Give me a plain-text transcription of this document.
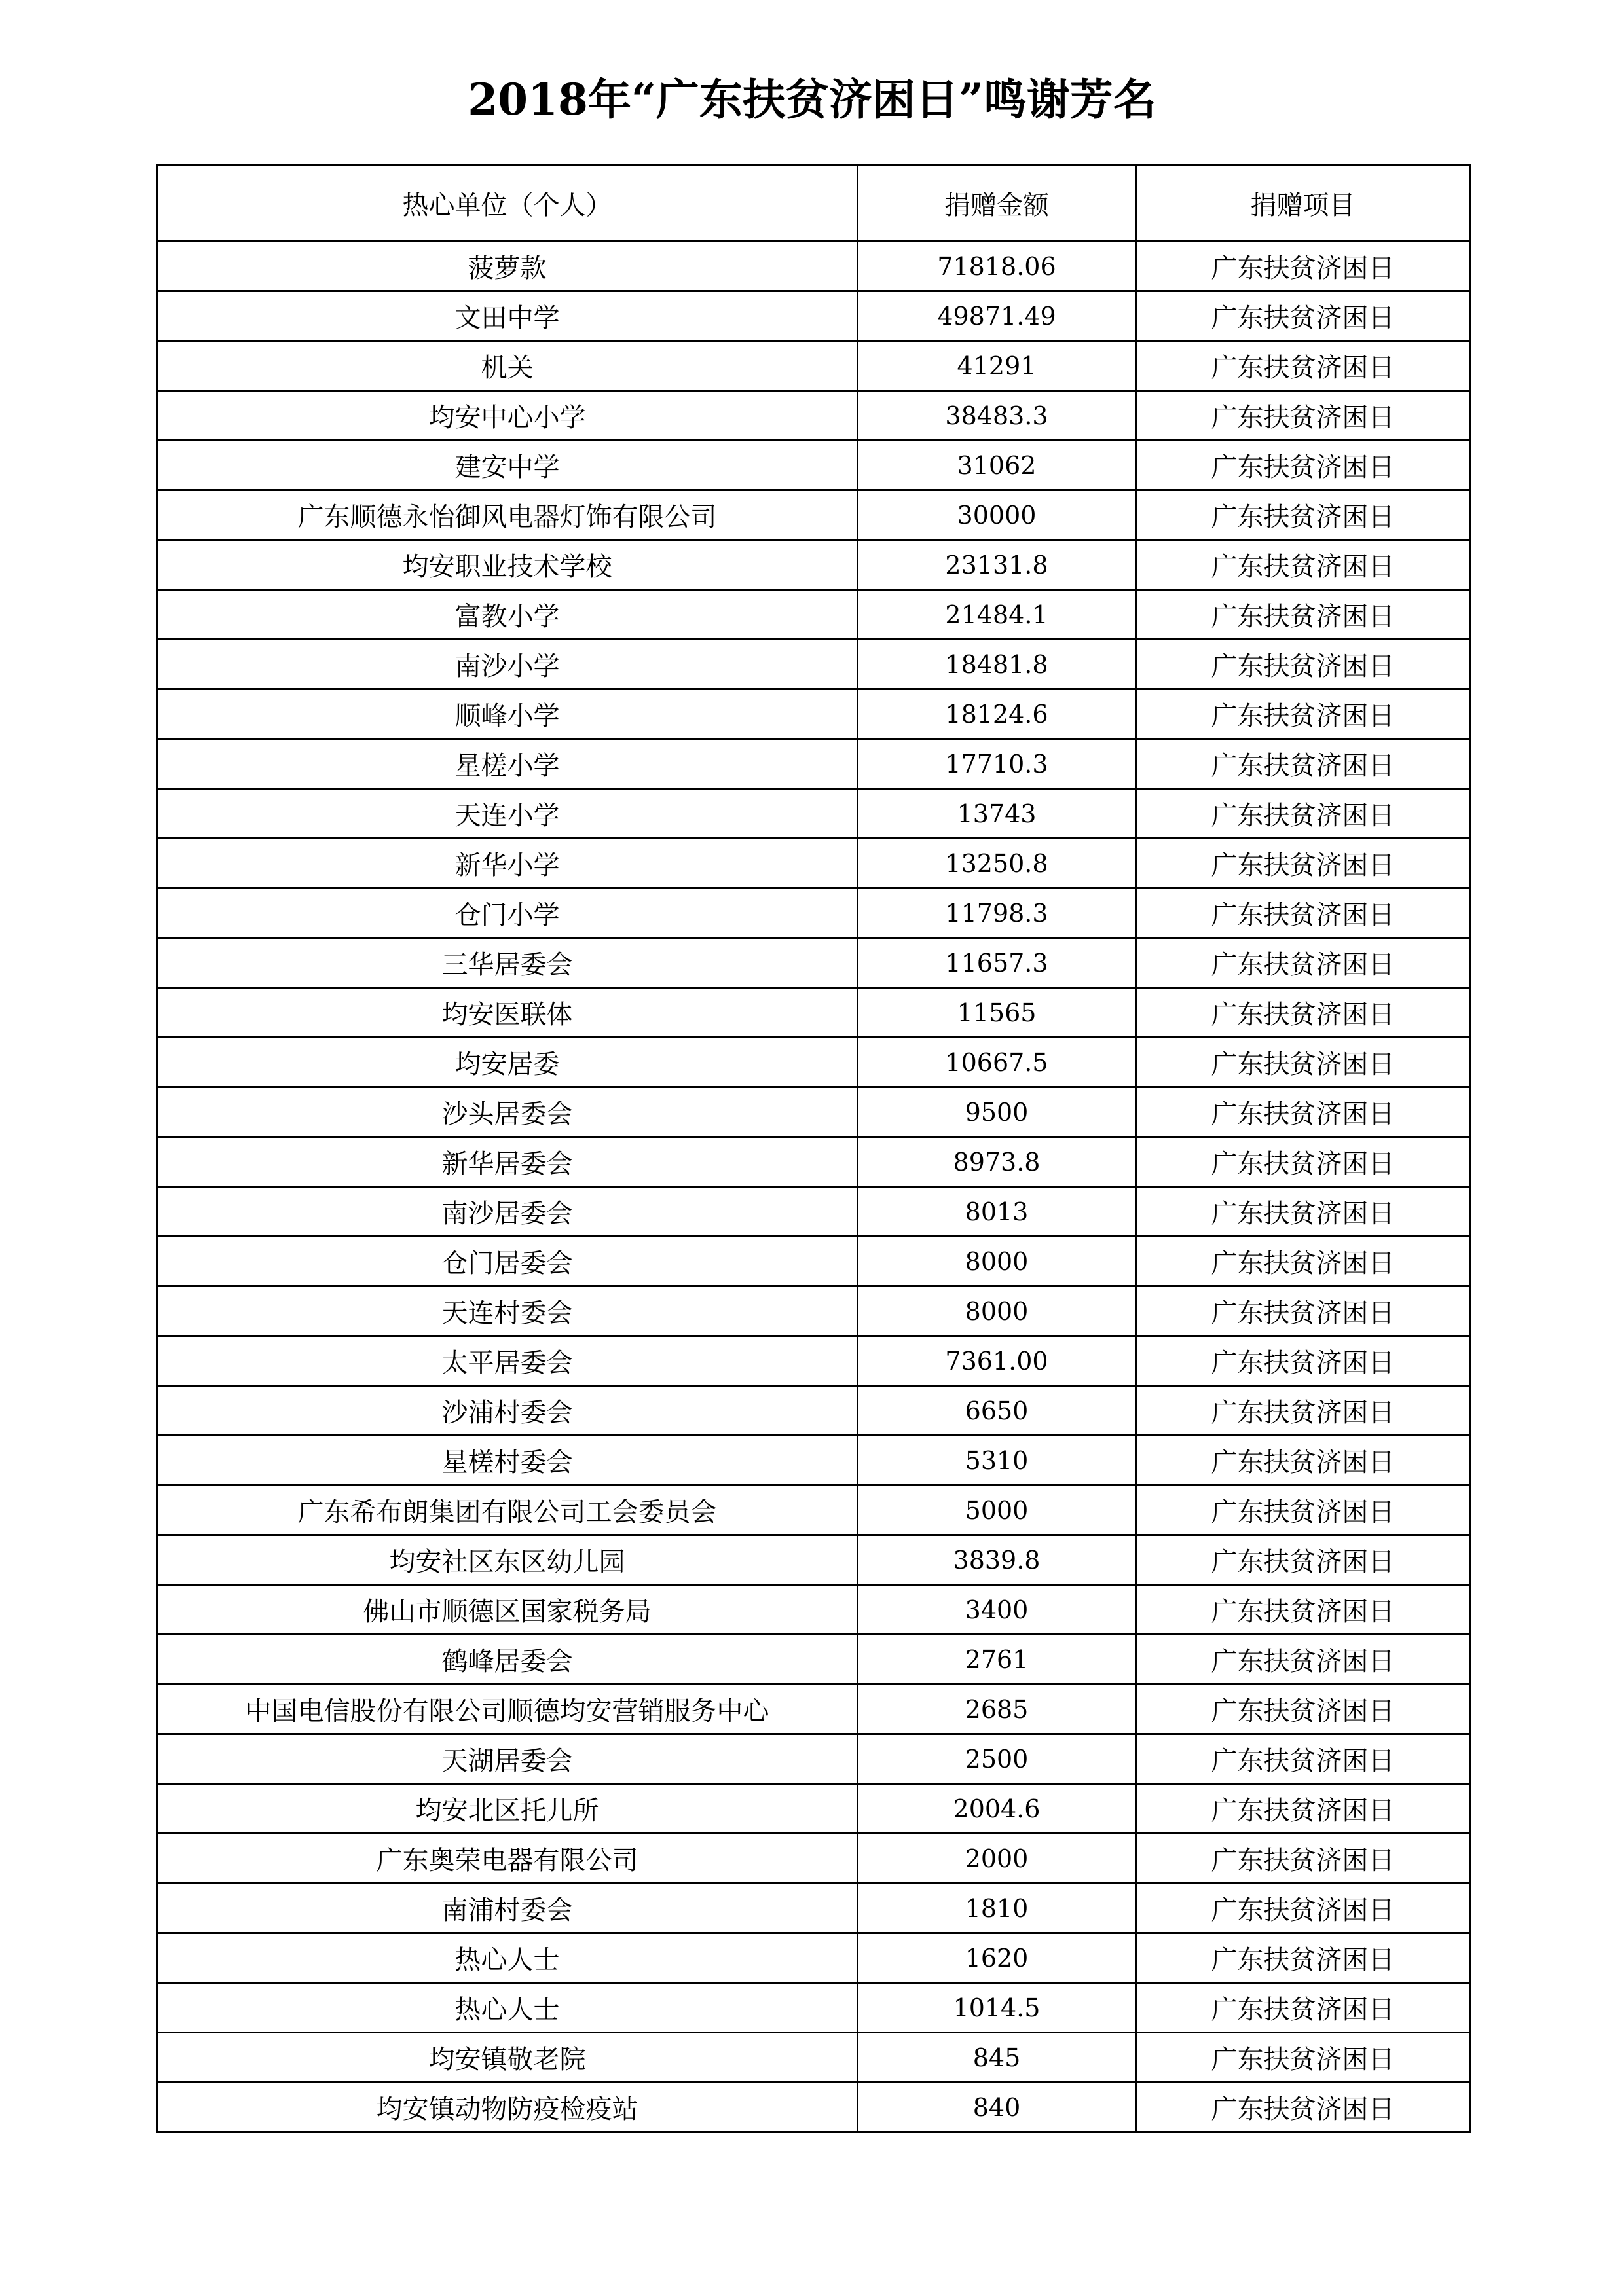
2018年“广东扶贫济困日”鸣谢芳名
热心单位（个人）	捐赠金额	捐赠项目
菠萝款	71818.06	广东扶贫济困日
文田中学	49871.49	广东扶贫济困日
机关	41291	广东扶贫济困日
均安中心小学	38483.3	广东扶贫济困日
建安中学	31062	广东扶贫济困日
广东顺德永怡御风电器灯饰有限公司	30000	广东扶贫济困日
均安职业技术学校	23131.8	广东扶贫济困日
富教小学	21484.1	广东扶贫济困日
南沙小学	18481.8	广东扶贫济困日
顺峰小学	18124.6	广东扶贫济困日
星槎小学	17710.3	广东扶贫济困日
天连小学	13743	广东扶贫济困日
新华小学	13250.8	广东扶贫济困日
仓门小学	11798.3	广东扶贫济困日
三华居委会	11657.3	广东扶贫济困日
均安医联体	11565	广东扶贫济困日
均安居委	10667.5	广东扶贫济困日
沙头居委会	9500	广东扶贫济困日
新华居委会	8973.8	广东扶贫济困日
南沙居委会	8013	广东扶贫济困日
仓门居委会	8000	广东扶贫济困日
天连村委会	8000	广东扶贫济困日
太平居委会	7361.00	广东扶贫济困日
沙浦村委会	6650	广东扶贫济困日
星槎村委会	5310	广东扶贫济困日
广东希布朗集团有限公司工会委员会	5000	广东扶贫济困日
均安社区东区幼儿园	3839.8	广东扶贫济困日
佛山市顺德区国家税务局	3400	广东扶贫济困日
鹤峰居委会	2761	广东扶贫济困日
中国电信股份有限公司顺德均安营销服务中心	2685	广东扶贫济困日
天湖居委会	2500	广东扶贫济困日
均安北区托儿所	2004.6	广东扶贫济困日
广东奥荣电器有限公司	2000	广东扶贫济困日
南浦村委会	1810	广东扶贫济困日
热心人士	1620	广东扶贫济困日
热心人士	1014.5	广东扶贫济困日
均安镇敬老院	845	广东扶贫济困日
均安镇动物防疫检疫站	840	广东扶贫济困日
